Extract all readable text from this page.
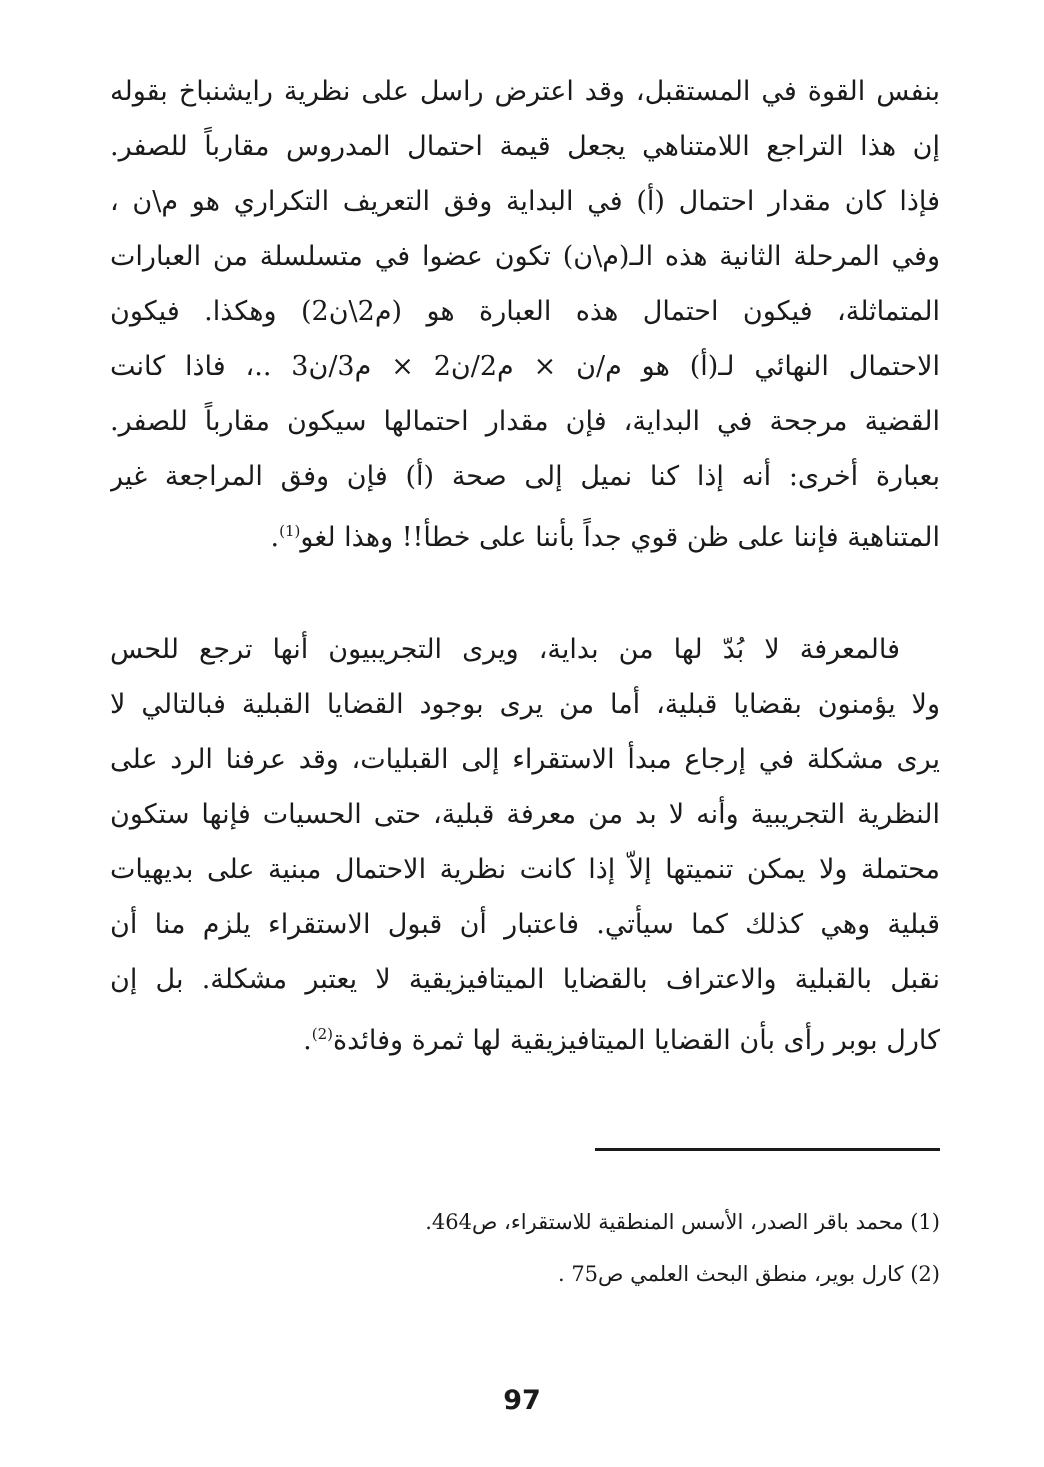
بنفس القوة في المستقبل، وقد اعترض راسل على نظرية رايشنباخ بقوله
إن هذا التراجع اللامتناهي يجعل قيمة احتمال المدروس مقارباً للصفر.
فإذا كان مقدار احتمال (أ) في البداية وفق التعريف التكراري هو م\ن ،
وفي المرحلة الثانية هذه الـ(م\ن) تكون عضوا في متسلسلة من العبارات
المتماثلة، فيكون احتمال هذه العبارة هو (م2\ن2) وهكذا. فيكون
الاحتمال النهائي لـ(أ) هو م/ن × م2/ن2 × م3/ن3 ..، فاذا كانت
القضية مرجحة في البداية، فإن مقدار احتمالها سيكون مقارباً للصفر.
بعبارة أخرى: أنه إذا كنا نميل إلى صحة (أ) فإن وفق المراجعة غير
المتناهية فإننا على ظن قوي جداً بأننا على خطأ!! وهذا لغو$^{(1)}$.
فالمعرفة لا بُدّ لها من بداية، ويرى التجريبيون أنها ترجع للحس
ولا يؤمنون بقضايا قبلية، أما من يرى بوجود القضايا القبلية فبالتالي لا
يرى مشكلة في إرجاع مبدأ الاستقراء إلى القبليات، وقد عرفنا الرد على
النظرية التجريبية وأنه لا بد من معرفة قبلية، حتى الحسيات فإنها ستكون
محتملة ولا يمكن تنميتها إلاّ إذا كانت نظرية الاحتمال مبنية على بديهيات
قبلية وهي كذلك كما سيأتي. فاعتبار أن قبول الاستقراء يلزم منا أن
نقبل بالقبلية والاعتراف بالقضايا الميتافيزيقية لا يعتبر مشكلة. بل إن
كارل بوبر رأى بأن القضايا الميتافيزيقية لها ثمرة وفائدة$^{(2)}$.
(1) محمد باقر الصدر، الأسس المنطقية للاستقراء، ص464.
(2) كارل بوير، منطق البحث العلمي ص75 .
97
